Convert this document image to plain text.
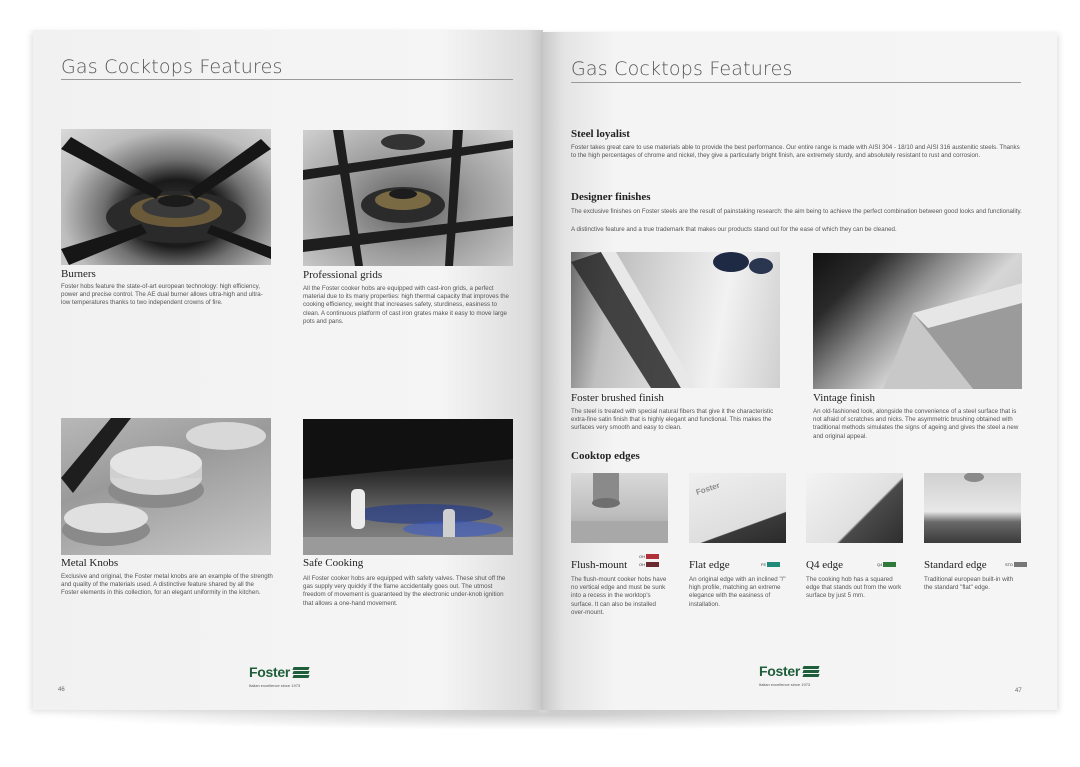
Gas Cocktops Features
Burners
Foster hobs feature the state-of-art european technology: high efficiency, power and precise control. The AE dual burner allows ultra-high and ultra-low temperatures thanks to two independent crowns of fire.
Professional grids
All the Foster cooker hobs are equipped with cast-iron grids, a perfect material due to its many properties: high thermal capacity that improves the cooking efficiency, weight that increases safety, sturdiness, easiness to clean. A continuous platform of cast iron grates make it easy to move large pots and pans.
Metal Knobs
Exclusive and original, the Foster metal knobs are an example of the strength and quality of the materials used. A distinctive feature shared by all the Foster elements in this collection, for an elegant uniformity in the kitchen.
Safe Cooking
All Foster cooker hobs are equipped with safety valves. These shut off the gas supply very quickly if the flame accidentally goes out. The utmost freedom of movement is guaranteed by the electronic under-knob ignition that allows a one-hand movement.
Foster
Italian excellence since 1973
46
Gas Cocktops Features
Steel loyalist
Foster takes great care to use materials able to provide the best performance. Our entire range is made with AISI 304 - 18/10 and AISI 316 austenitic steels. Thanks to the high percentages of chrome and nickel, they give a particularly bright finish, are extremely sturdy, and absolutely resistant to rust and corrosion.
Designer finishes
The exclusive finishes on Foster steels are the result of painstaking research: the aim being to achieve the perfect combination between good looks and functionality.
A distinctive feature and a true trademark that makes our products stand out for the ease of which they can be cleaned.
Foster brushed finish
The steel is treated with special natural fibers that give it the characteristic extra-fine satin finish that is highly elegant and functional. This makes the surfaces very smooth and easy to clean.
Vintage finish
An old-fashioned look, alongside the convenience of a steel surface that is not afraid of scratches and nicks. The asymmetric brushing obtained with traditional methods simulates the signs of ageing and gives the steel a new and original appeal.
Cooktop edges
Foster
Flush-mount
OH
OH	Flat edge	FE	Q4 edge	Q4	Standard edge	STD
The flush-mount cooker hobs have no vertical edge and must be sunk into a recess in the worktop's surface. It can also be installed over-mount.
An original edge with an inclined "/" high profile, matching an extreme elegance with the easiness of installation.
The cooking hob has a squared edge that stands out from the work surface by just 5 mm.
Traditional european built-in with the standard "flat" edge.
Foster
Italian excellence since 1973
47
